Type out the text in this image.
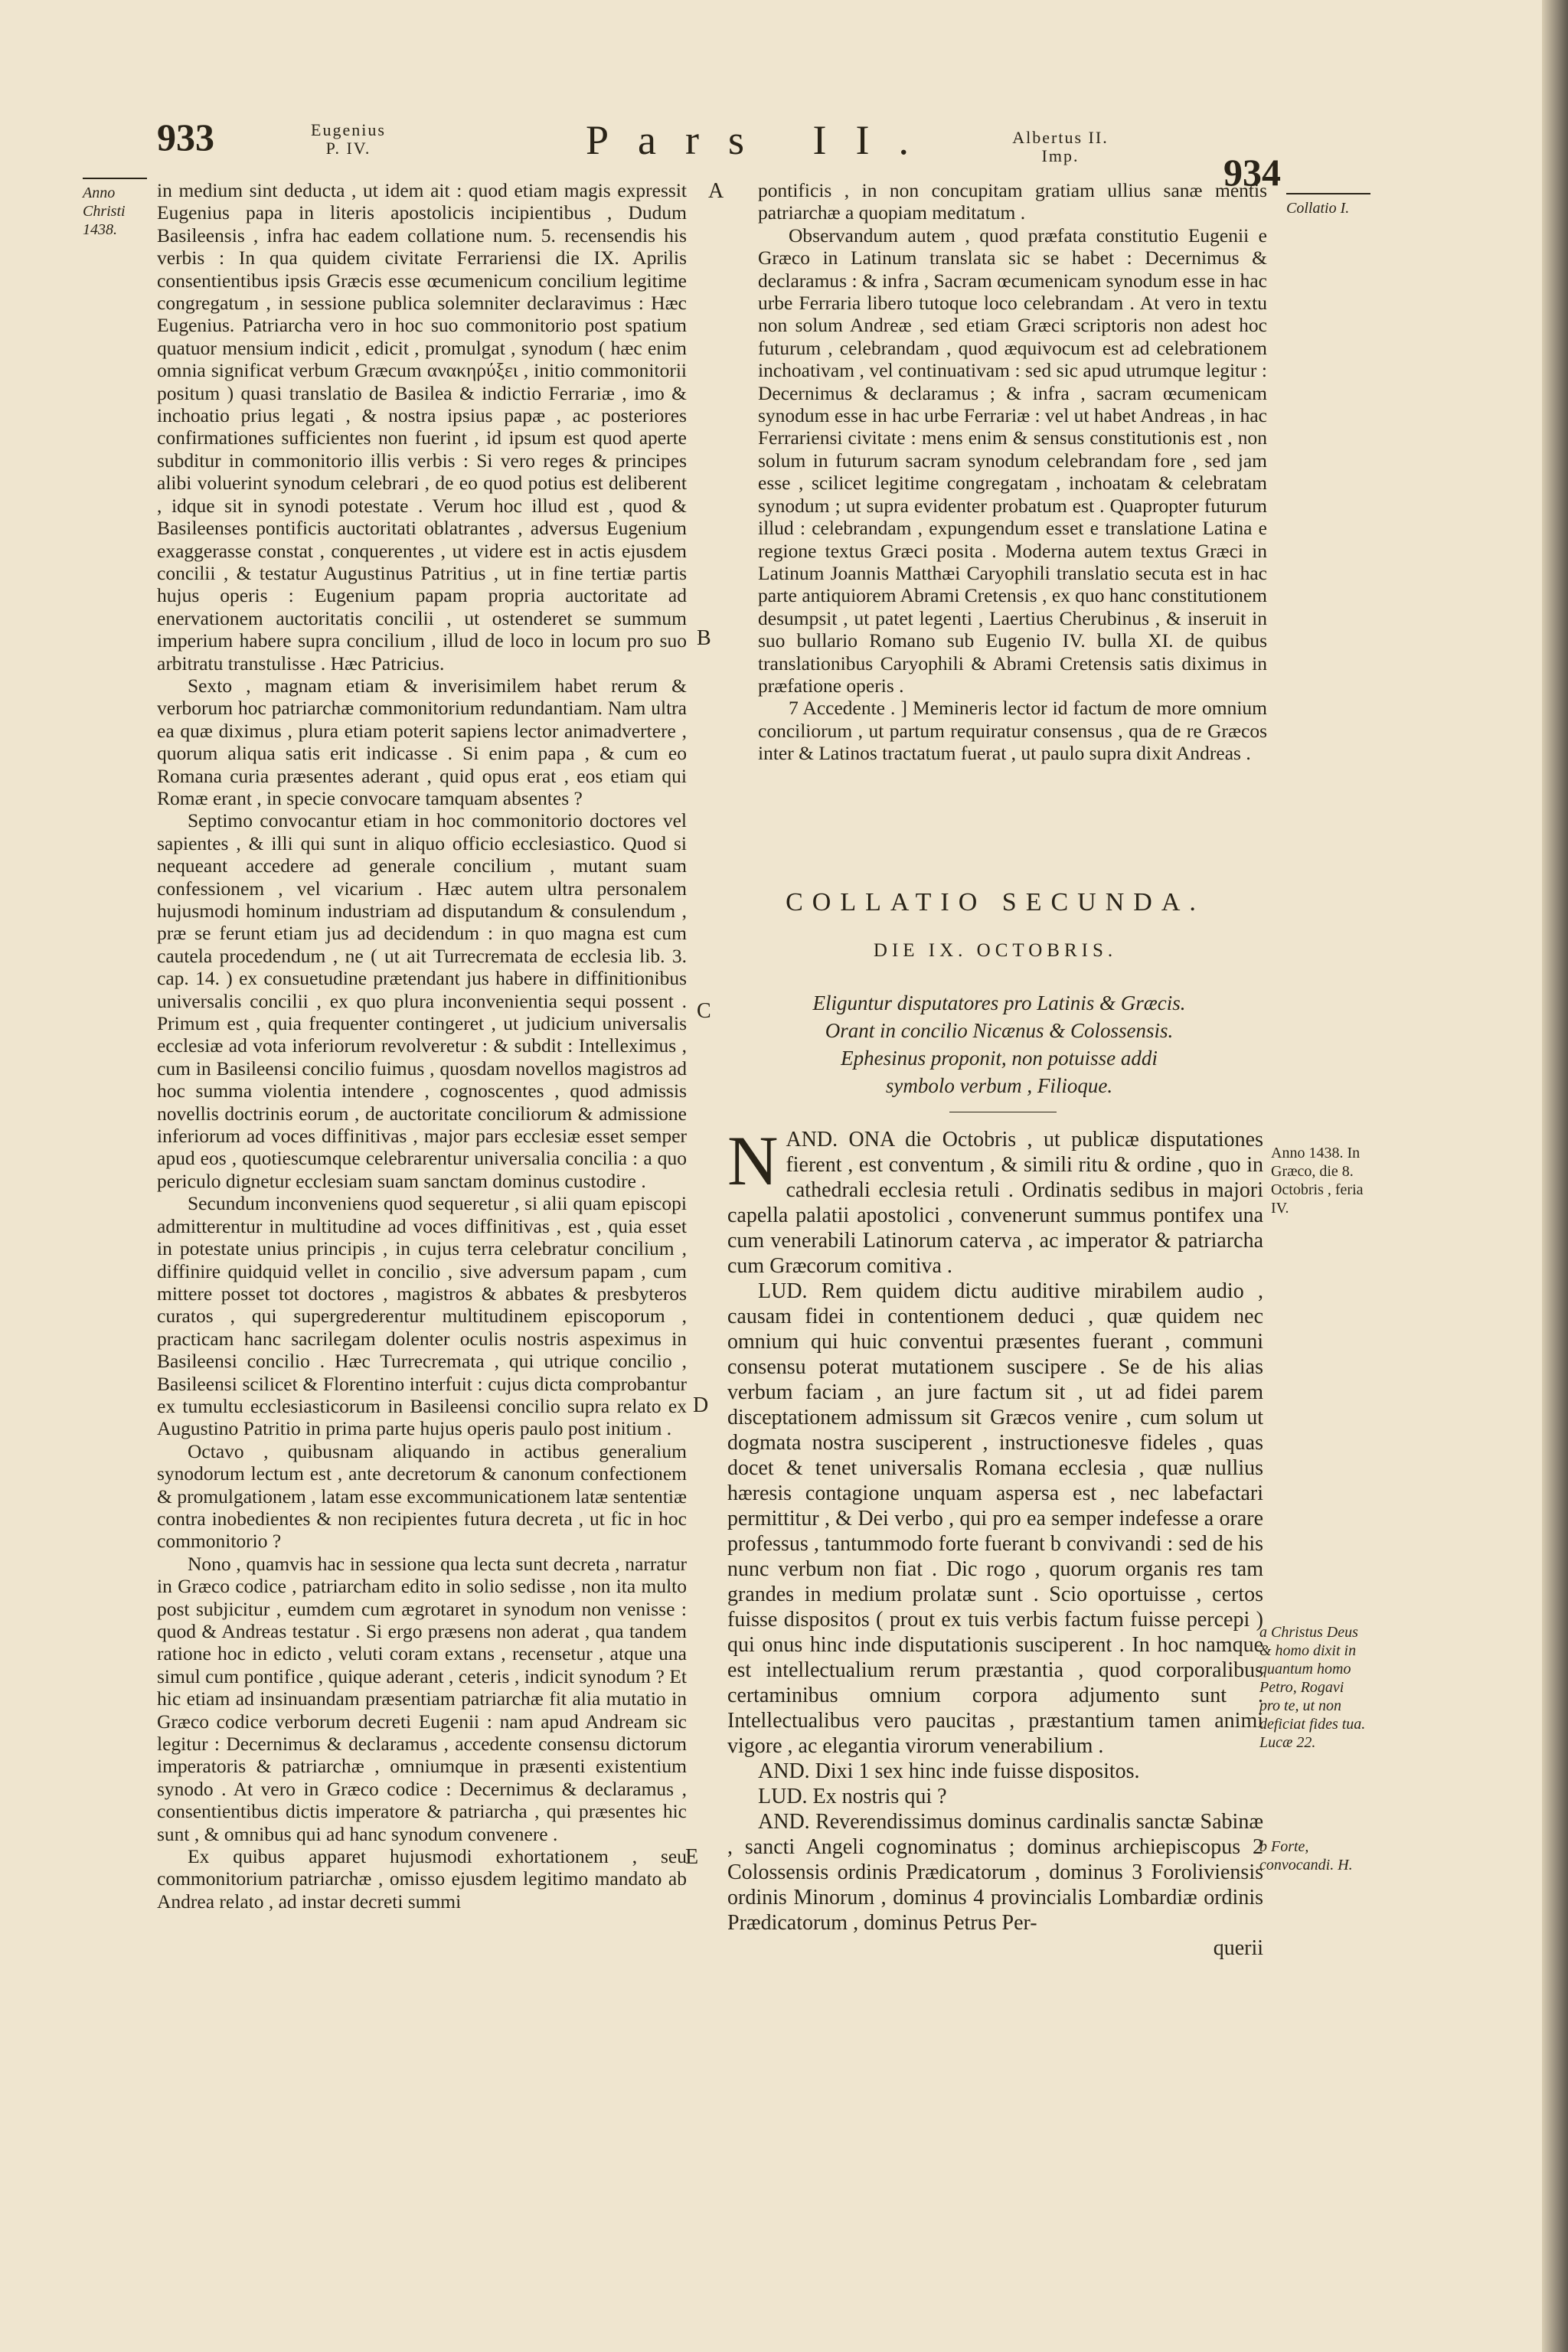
933	Eugenius
P. IV.	Pars II.	Albertus II.
Imp.	934
Anno
Christi
1438.

in medium sint deducta , ut idem ait : quod etiam magis expressit Eugenius papa in literis apostolicis incipientibus , Dudum Basileensis , infra hac eadem collatione num. 5. recensendis his verbis : In qua quidem civitate Ferrariensi die IX. Aprilis consentientibus ipsis Græcis esse œcumenicum concilium legitime congregatum , in sessione publica solemniter declaravimus : Hæc Eugenius. Patriarcha vero in hoc suo commonitorio post spatium quatuor mensium indicit , edicit , promulgat , synodum ( hæc enim omnia significat verbum Græcum ανακηρύξει , initio commonitorii positum ) quasi translatio de Basilea & indictio Ferrariæ , imo & inchoatio prius legati , & nostra ipsius papæ , ac posteriores confirmationes sufficientes non fuerint , id ipsum est quod aperte subditur in commonitorio illis verbis : Si vero reges & principes alibi voluerint synodum celebrari , de eo quod potius est deliberent , idque sit in synodi potestate . Verum hoc illud est , quod & Basileenses pontificis auctoritati oblatrantes , adversus Eugenium exaggerasse constat , conquerentes , ut videre est in actis ejusdem concilii , & testatur Augustinus Patritius , ut in fine tertiæ partis hujus operis : Eugenium papam propria auctoritate ad enervationem auctoritatis concilii , ut ostenderet se summum imperium habere supra concilium , illud de loco in locum pro suo arbitratu transtulisse . Hæc Patricius.

Sexto , magnam etiam & inverisimilem habet rerum & verborum hoc patriarchæ commonitorium redundantiam. Nam ultra ea quæ diximus , plura etiam poterit sapiens lector animadvertere , quorum aliqua satis erit indicasse . Si enim papa , & cum eo Romana curia præsentes aderant , quid opus erat , eos etiam qui Romæ erant , in specie convocare tamquam absentes ?

Septimo convocantur etiam in hoc commonitorio doctores vel sapientes , & illi qui sunt in aliquo officio ecclesiastico. Quod si nequeant accedere ad generale concilium , mutant suam confessionem , vel vicarium . Hæc autem ultra personalem hujusmodi hominum industriam ad disputandum & consulendum , præ se ferunt etiam jus ad decidendum : in quo magna est cum cautela procedendum , ne ( ut ait Turrecremata de ecclesia lib. 3. cap. 14. ) ex consuetudine prætendant jus habere in diffinitionibus universalis concilii , ex quo plura inconvenientia sequi possent . Primum est , quia frequenter contingeret , ut judicium universalis ecclesiæ ad vota inferiorum revolveretur : & subdit : Intelleximus , cum in Basileensi concilio fuimus , quosdam novellos magistros ad hoc summa violentia intendere , cognoscentes , quod admissis novellis doctrinis eorum , de auctoritate conciliorum & admissione inferiorum ad voces diffinitivas , major pars ecclesiæ esset semper apud eos , quotiescumque celebrarentur universalia concilia : a quo periculo dignetur ecclesiam suam sanctam dominus custodire .

Secundum inconveniens quod sequeretur , si alii quam episcopi admitterentur in multitudine ad voces diffinitivas , est , quia esset in potestate unius principis , in cujus terra celebratur concilium , diffinire quidquid vellet in concilio , sive adversum papam , cum mittere posset tot doctores , magistros & abbates & presbyteros curatos , qui supergrederentur multitudinem episcoporum , practicam hanc sacrilegam dolenter oculis nostris aspeximus in Basileensi concilio . Hæc Turrecremata , qui utrique concilio , Basileensi scilicet & Florentino interfuit : cujus dicta comprobantur ex tumultu ecclesiasticorum in Basileensi concilio supra relato ex Augustino Patritio in prima parte hujus operis paulo post initium .

Octavo , quibusnam aliquando in actibus generalium synodorum lectum est , ante decretorum & canonum confectionem & promulgationem , latam esse excommunicationem latæ sententiæ contra inobedientes & non recipientes futura decreta , ut fic in hoc commonitorio ?

Nono , quamvis hac in sessione qua lecta sunt decreta , narratur in Græco codice , patriarcham edito in solio sedisse , non ita multo post subjicitur , eumdem cum ægrotaret in synodum non venisse : quod & Andreas testatur . Si ergo præsens non aderat , qua tandem ratione hoc in edicto , veluti coram extans , recensetur , atque una simul cum pontifice , quique aderant , ceteris , indicit synodum ? Et hic etiam ad insinuandam præsentiam patriarchæ fit alia mutatio in Græco codice verborum decreti Eugenii : nam apud Andream sic legitur : Decernimus & declaramus , accedente consensu dictorum imperatoris & patriarchæ , omniumque in præsenti existentium synodo . At vero in Græco codice : Decernimus & declaramus , consentientibus dictis imperatore & patriarcha , qui præsentes hic sunt , & omnibus qui ad hanc synodum convenere .

Ex quibus apparet hujusmodi exhortationem , seu commonitorium patriarchæ , omisso ejusdem legitimo mandato ab Andrea relato , ad instar decreti summi

A
B
C
D
E

pontificis , in non concupitam gratiam ullius sanæ mentis patriarchæ a quopiam meditatum .

Observandum autem , quod præfata constitutio Eugenii e Græco in Latinum translata sic se habet : Decernimus & declaramus : & infra , Sacram œcumenicam synodum esse in hac urbe Ferraria libero tutoque loco celebrandam . At vero in textu non solum Andreæ , sed etiam Græci scriptoris non adest hoc futurum , celebrandam , quod æquivocum est ad celebrationem inchoativam , vel continuativam : sed sic apud utrumque legitur : Decernimus & declaramus ; & infra , sacram œcumenicam synodum esse in hac urbe Ferrariæ : vel ut habet Andreas , in hac Ferrariensi civitate : mens enim & sensus constitutionis est , non solum in futurum sacram synodum celebrandam fore , sed jam esse , scilicet legitime congregatam , inchoatam & celebratam synodum ; ut supra evidenter probatum est . Quapropter futurum illud : celebrandam , expungendum esset e translatione Latina e regione textus Græci posita . Moderna autem textus Græci in Latinum Joannis Matthæi Caryophili translatio secuta est in hac parte antiquiorem Abrami Cretensis , ex quo hanc constitutionem desumpsit , ut patet legenti , Laertius Cherubinus , & inseruit in suo bullario Romano sub Eugenio IV. bulla XI. de quibus translationibus Caryophili & Abrami Cretensis satis diximus in præfatione operis .

7 Accedente . ] Memineris lector id factum de more omnium conciliorum , ut partum requiratur consensus , qua de re Græcos inter & Latinos tractatum fuerat , ut paulo supra dixit Andreas .

Collatio I.
COLLATIO SECUNDA.
DIE IX. OCTOBRIS.
Eliguntur disputatores pro Latinis & Græcis.
Orant in concilio Nicænus & Colossensis.
Ephesinus proponit, non potuisse addi
symbolo verbum , Filioque.

AND.
N	ONA die Octobris , ut publicæ disputationes fierent , est conventum , & simili ritu & ordine , quo in cathedrali ecclesia retuli . Ordinatis sedibus in majori capella palatii apostolici , convenerunt summus pontifex una cum venerabili Latinorum caterva , ac imperator & patriarcha cum Græcorum comitiva .

LUD. Rem quidem dictu auditive mirabilem audio , causam fidei in contentionem deduci , quæ quidem nec omnium qui huic conventui præsentes fuerant , communi consensu poterat mutationem suscipere . Se de his alias verbum faciam , an jure factum sit , ut ad fidei parem disceptationem admissum sit Græcos venire , cum solum ut dogmata nostra susciperent , instructionesve fideles , quas docet & tenet universalis Romana ecclesia , quæ nullius hæresis contagione unquam aspersa est , nec labefactari permittitur , & Dei verbo , qui pro ea semper indefesse a orare professus , tantummodo forte fuerant b convivandi : sed de his nunc verbum non fiat . Dic rogo , quorum organis res tam grandes in medium prolatæ sunt . Scio oportuisse , certos fuisse dispositos ( prout ex tuis verbis factum fuisse percepi ) qui onus hinc inde disputationis susciperent . In hoc namque est intellectualium rerum præstantia , quod corporalibus certaminibus omnium corpora adjumento sunt . Intellectualibus vero paucitas , præstantium tamen animi vigore , ac elegantia virorum venerabilium .

AND. Dixi 1 sex hinc inde fuisse dispositos.

LUD. Ex nostris qui ?

AND. Reverendissimus dominus cardinalis sanctæ Sabinæ , sancti Angeli cognominatus ; dominus archiepiscopus 2 Colossensis ordinis Prædicatorum , dominus 3 Foroliviensis ordinis Minorum , dominus 4 provincialis Lombardiæ ordinis Prædicatorum , dominus Petrus Per-

querii
Anno 1438. In Græco, die 8. Octobris , feria IV.
a Christus Deus & homo dixit in quantum homo Petro, Rogavi pro te, ut non deficiat fides tua. Lucæ 22.
b Forte, convocandi. H.
